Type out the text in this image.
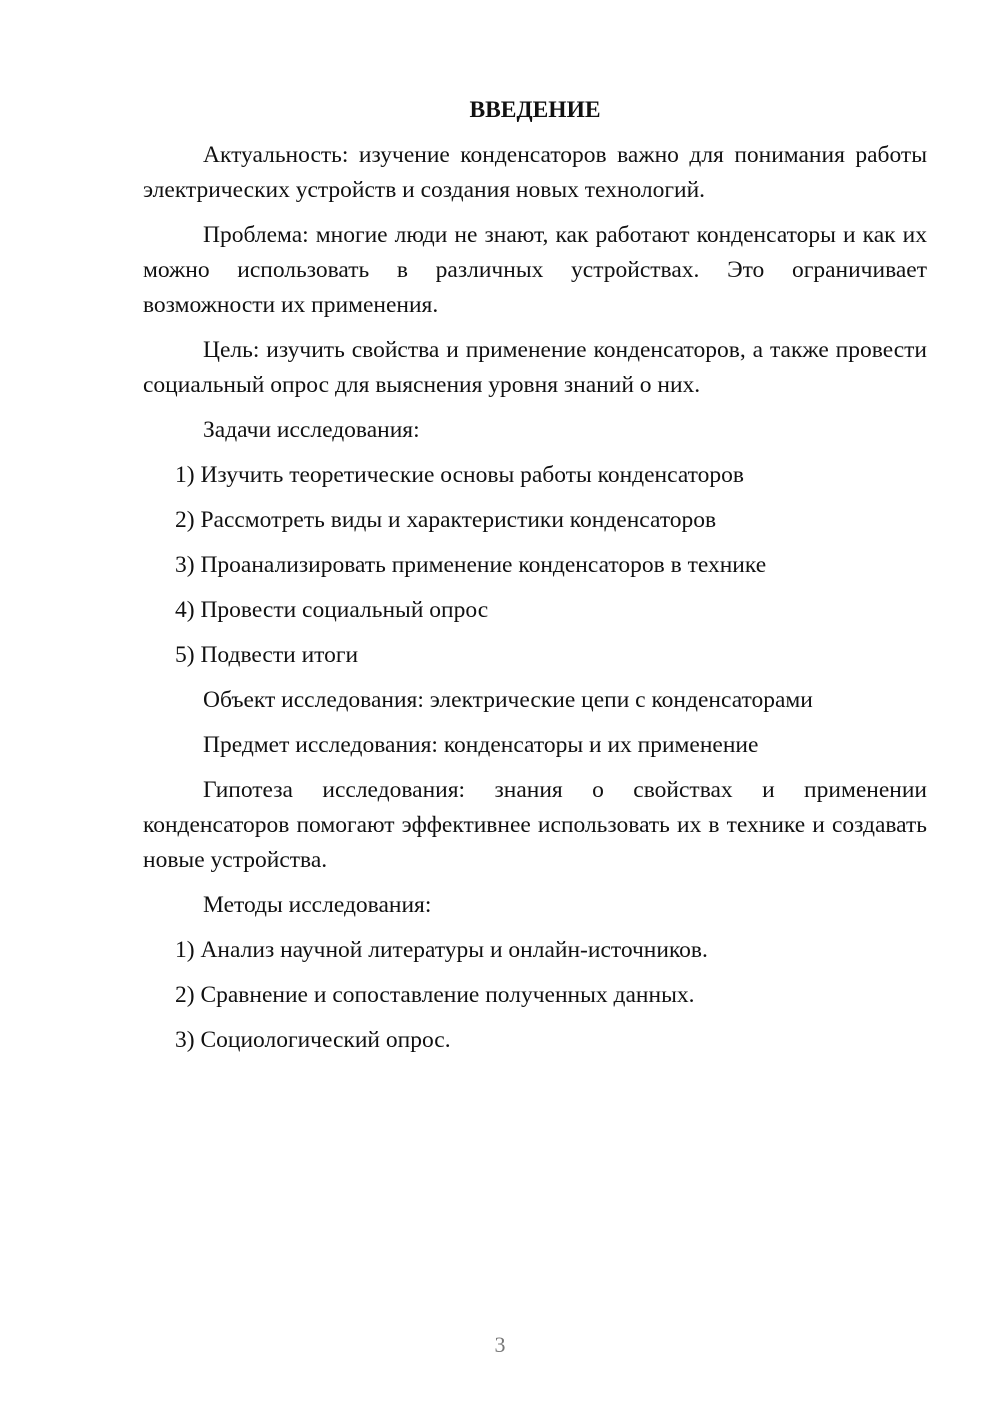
ВВЕДЕНИЕ
Актуальность: изучение конденсаторов важно для понимания работы электрических устройств и создания новых технологий.
Проблема: многие люди не знают, как работают конденсаторы и как их можно использовать в различных устройствах. Это ограничивает возможности их применения.
Цель: изучить свойства и применение конденсаторов, а также провести социальный опрос для выяснения уровня знаний о них.
Задачи исследования:
1) Изучить теоретические основы работы конденсаторов
2) Рассмотреть виды и характеристики конденсаторов
3) Проанализировать применение конденсаторов в технике
4) Провести социальный опрос
5) Подвести итоги
Объект исследования: электрические цепи с конденсаторами
Предмет исследования: конденсаторы и их применение
Гипотеза исследования: знания о свойствах и применении конденсаторов помогают эффективнее использовать их в технике и создавать новые устройства.
Методы исследования:
1) Анализ научной литературы и онлайн-источников.
2) Сравнение и сопоставление полученных данных.
3) Социологический опрос.
3
